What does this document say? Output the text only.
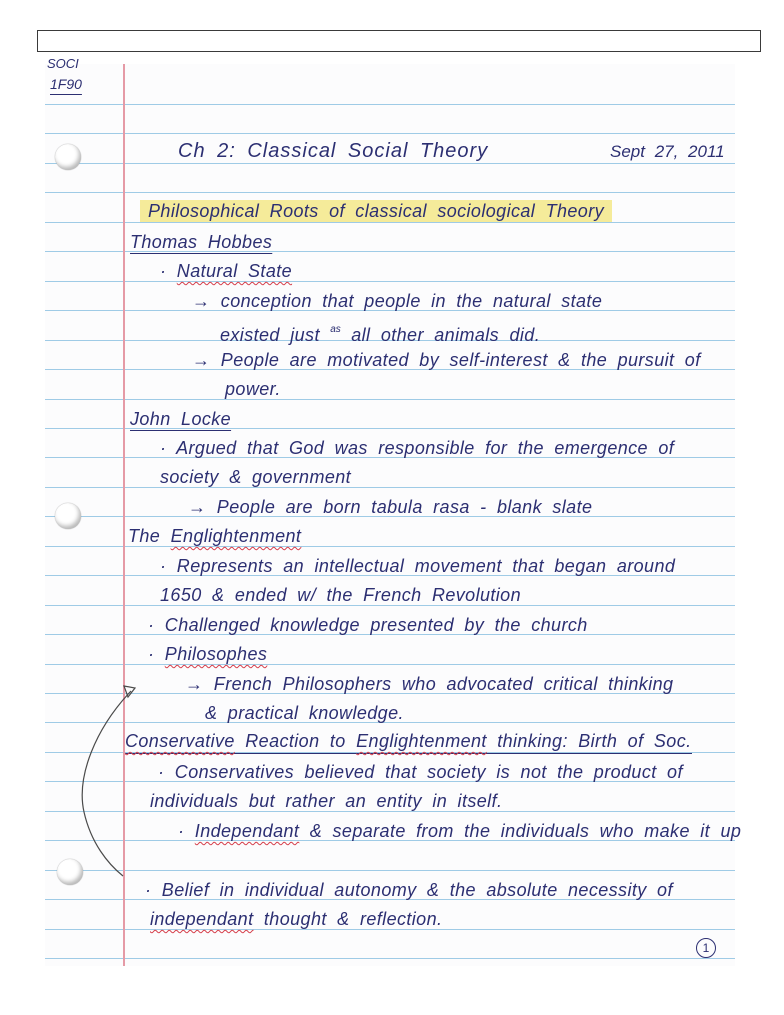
SOCI
1F90
Ch 2: Classical Social Theory	Sept 27, 2011
Philosophical Roots of classical sociological Theory
Thomas Hobbes
· Natural State
→ conception that people in the natural state
existed just $^{as}$ all other animals did.
→ People are motivated by self-interest & the pursuit of
power.
John Locke
· Argued that God was responsible for the emergence of
society & government
→ People are born tabula rasa - blank slate
The Englightenment
· Represents an intellectual movement that began around
1650 & ended w/ the French Revolution
· Challenged knowledge presented by the church
· Philosophes
→ French Philosophers who advocated critical thinking
& practical knowledge.
Conservative Reaction to Englightenment thinking: Birth of Soc.
· Conservatives believed that society is not the product of
individuals but rather an entity in itself.
· Independant & separate from the individuals who make it up
· Belief in individual autonomy & the absolute necessity of
independant thought & reflection.
1
